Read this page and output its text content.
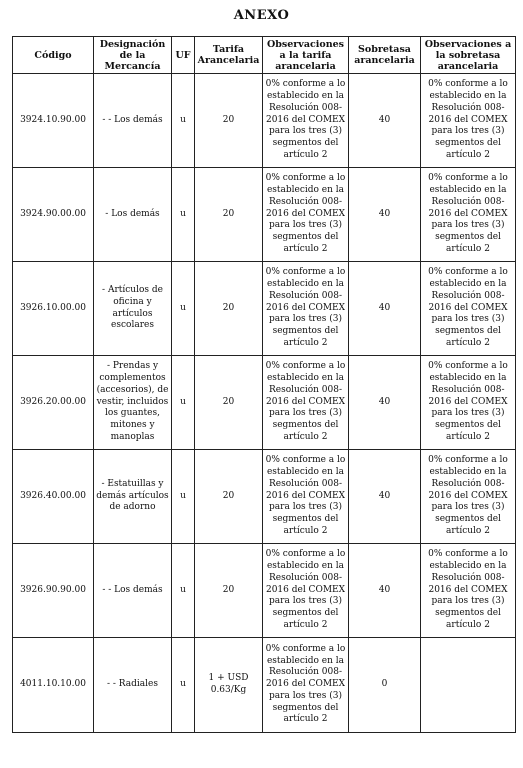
ANEXO
Código	Designación de la Mercancía	UF	Tarifa Arancelaria	Observaciones a la tarifa arancelaria	Sobretasa arancelaria	Observaciones a la sobretasa arancelaria
3924.10.90.00	- - Los demás	u	20	0% conforme a lo establecido en la Resolución 008-2016 del COMEX para los tres (3) segmentos del artículo 2	40	0% conforme a lo establecido en la Resolución 008-2016 del COMEX para los tres (3) segmentos del artículo 2
3924.90.00.00	- Los demás	u	20	0% conforme a lo establecido en la Resolución 008-2016 del COMEX para los tres (3) segmentos del artículo 2	40	0% conforme a lo establecido en la Resolución 008-2016 del COMEX para los tres (3) segmentos del artículo 2
3926.10.00.00	- Artículos de oficina y artículos escolares	u	20	0% conforme a lo establecido en la Resolución 008-2016 del COMEX para los tres (3) segmentos del artículo 2	40	0% conforme a lo establecido en la Resolución 008-2016 del COMEX para los tres (3) segmentos del artículo 2
3926.20.00.00	- Prendas y complementos (accesorios), de vestir, incluidos los guantes, mitones y manoplas	u	20	0% conforme a lo establecido en la Resolución 008-2016 del COMEX para los tres (3) segmentos del artículo 2	40	0% conforme a lo establecido en la Resolución 008-2016 del COMEX para los tres (3) segmentos del artículo 2
3926.40.00.00	- Estatuillas y demás artículos de adorno	u	20	0% conforme a lo establecido en la Resolución 008-2016 del COMEX para los tres (3) segmentos del artículo 2	40	0% conforme a lo establecido en la Resolución 008-2016 del COMEX para los tres (3) segmentos del artículo 2
3926.90.90.00	- - Los demás	u	20	0% conforme a lo establecido en la Resolución 008-2016 del COMEX para los tres (3) segmentos del artículo 2	40	0% conforme a lo establecido en la Resolución 008-2016 del COMEX para los tres (3) segmentos del artículo 2
4011.10.10.00	- - Radiales	u	1 + USD 0.63/Kg	0% conforme a lo establecido en la Resolución 008-2016 del COMEX para los tres (3) segmentos del artículo 2	0	
